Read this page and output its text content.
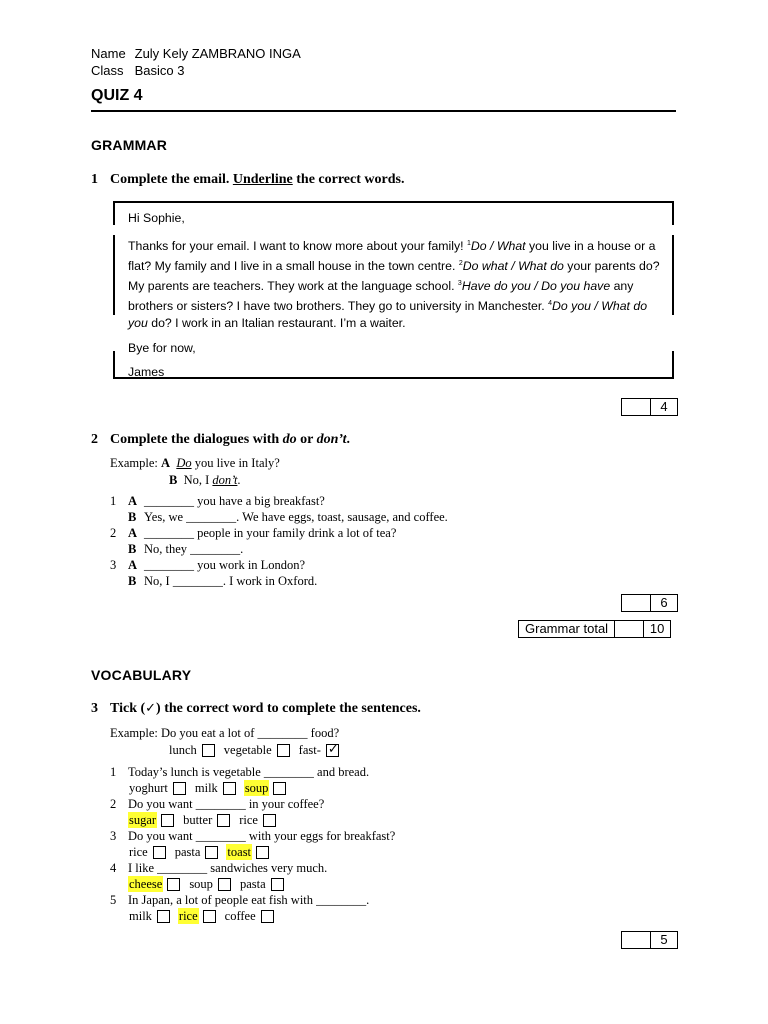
Name Zuly Kely ZAMBRANO INGA
Class Basico 3
QUIZ 4
GRAMMAR
1 Complete the email. Underline the correct words.

Hi Sophie,

Thanks for your email. I want to know more about your family! $^1$Do / What you live in a house or a flat? My family and I live in a small house in the town centre. $^2$Do what / What do your parents do? My parents are teachers. They work at the language school. $^3$Have do you / Do you have any brothers or sisters? I have two brothers. They go to university in Manchester. $^4$Do you / What do you do? I work in an Italian restaurant. I’m a waiter.

Bye for now,

James

4
2 Complete the dialogues with do or don’t.
Example: A Do you live in Italy?
B No, I don’t.
1 A ________ you have a big breakfast?
B Yes, we ________. We have eggs, toast, sausage, and coffee.
2 A ________ people in your family drink a lot of tea?
B No, they ________.
3 A ________ you work in London?
B No, I ________. I work in Oxford.
6
Grammar total	10
VOCABULARY
3 Tick (✓) the correct word to complete the sentences.
Example: Do you eat a lot of ________ food?
lunch vegetable fast-
✓
1 Today’s lunch is vegetable ________ and bread.
yoghurt milk soup
2 Do you want ________ in your coffee?
sugar butter rice
3 Do you want ________ with your eggs for breakfast?
rice pasta toast
4 I like ________ sandwiches very much.
cheese soup pasta
5 In Japan, a lot of people eat fish with ________.
milk rice coffee
5
